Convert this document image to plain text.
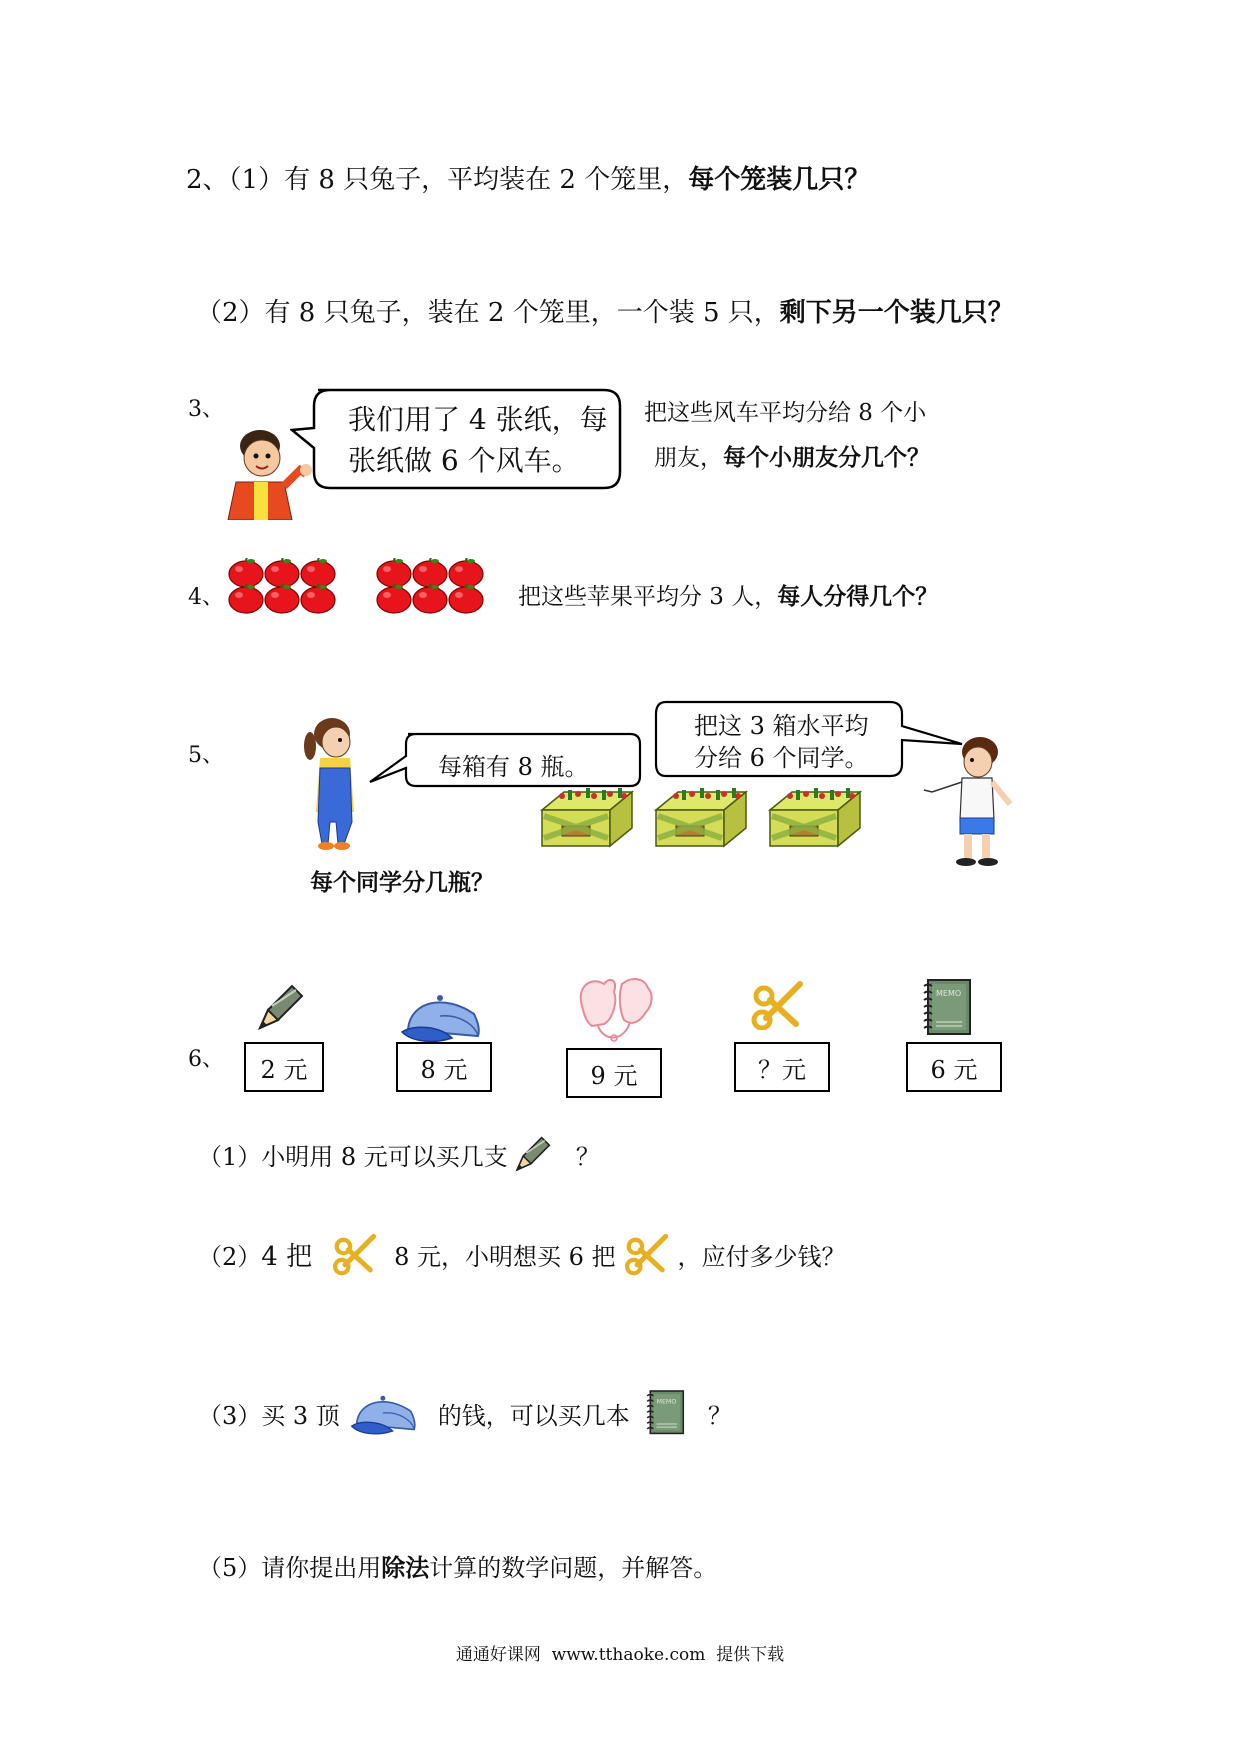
2、（1）有 8 只兔子，平均装在 2 个笼里，每个笼装几只？
（2）有 8 只兔子，装在 2 个笼里，一个装 5 只，剩下另一个装几只？
3、	我们用了 4 张纸，每
张纸做 6 个风车。
把这些风车平均分给 8 个小
朋友，每个小朋友分几个？
4、	把这些苹果平均分 3 人，每人分得几个？
5、	每箱有 8 瓶。
把这 3 箱水平均
分给 6 个同学。
每个同学分几瓶？
6、	2 元	8 元	9 元	？元	6 元
（1） 小明用 8 元可以买几支	？
（2） 4 把	8 元，小明想买 6 把	，应付多少钱？
（3） 买 3 顶	的钱，可以买几本	？
（5）请你提出用除法计算的数学问题，并解答。
通通好课网  www.tthaoke.com  提供下载
